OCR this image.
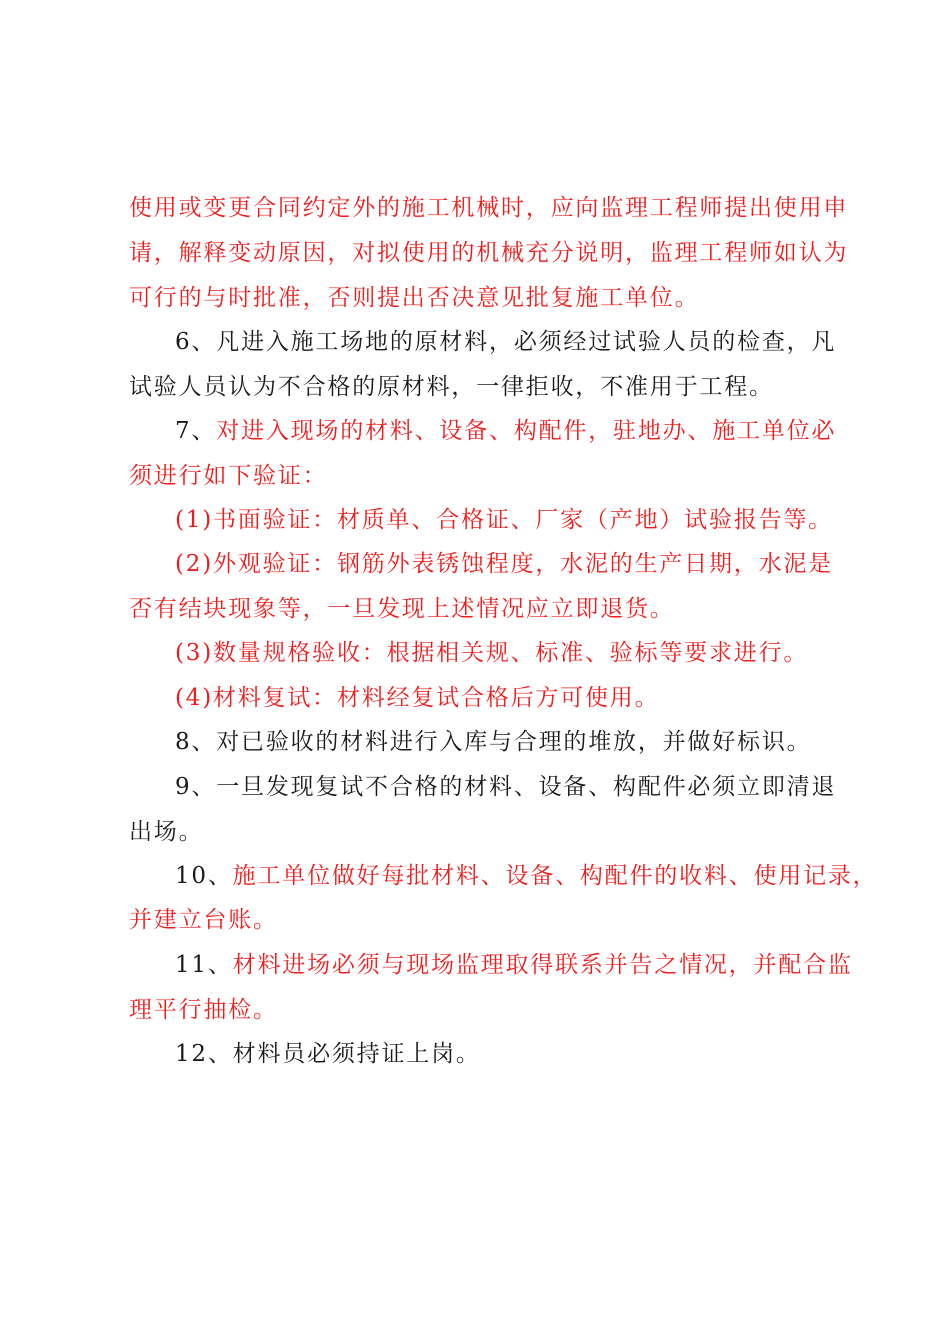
使用或变更合同约定外的施工机械时，应向监理工程师提出使用申
请，解释变动原因，对拟使用的机械充分说明，监理工程师如认为
可行的与时批准，否则提出否决意见批复施工单位。
6、凡进入施工场地的原材料，必须经过试验人员的检查，凡
试验人员认为不合格的原材料，一律拒收，不准用于工程。
7、对进入现场的材料、设备、构配件，驻地办、施工单位必
须进行如下验证：
(1)书面验证：材质单、合格证、厂家（产地）试验报告等。
(2)外观验证：钢筋外表锈蚀程度，水泥的生产日期，水泥是
否有结块现象等，一旦发现上述情况应立即退货。
(3)数量规格验收：根据相关规、标准、验标等要求进行。
(4)材料复试：材料经复试合格后方可使用。
8、对已验收的材料进行入库与合理的堆放，并做好标识。
9、一旦发现复试不合格的材料、设备、构配件必须立即清退
出场。
10、施工单位做好每批材料、设备、构配件的收料、使用记录，
并建立台账。
11、材料进场必须与现场监理取得联系并告之情况，并配合监
理平行抽检。
12、材料员必须持证上岗。
